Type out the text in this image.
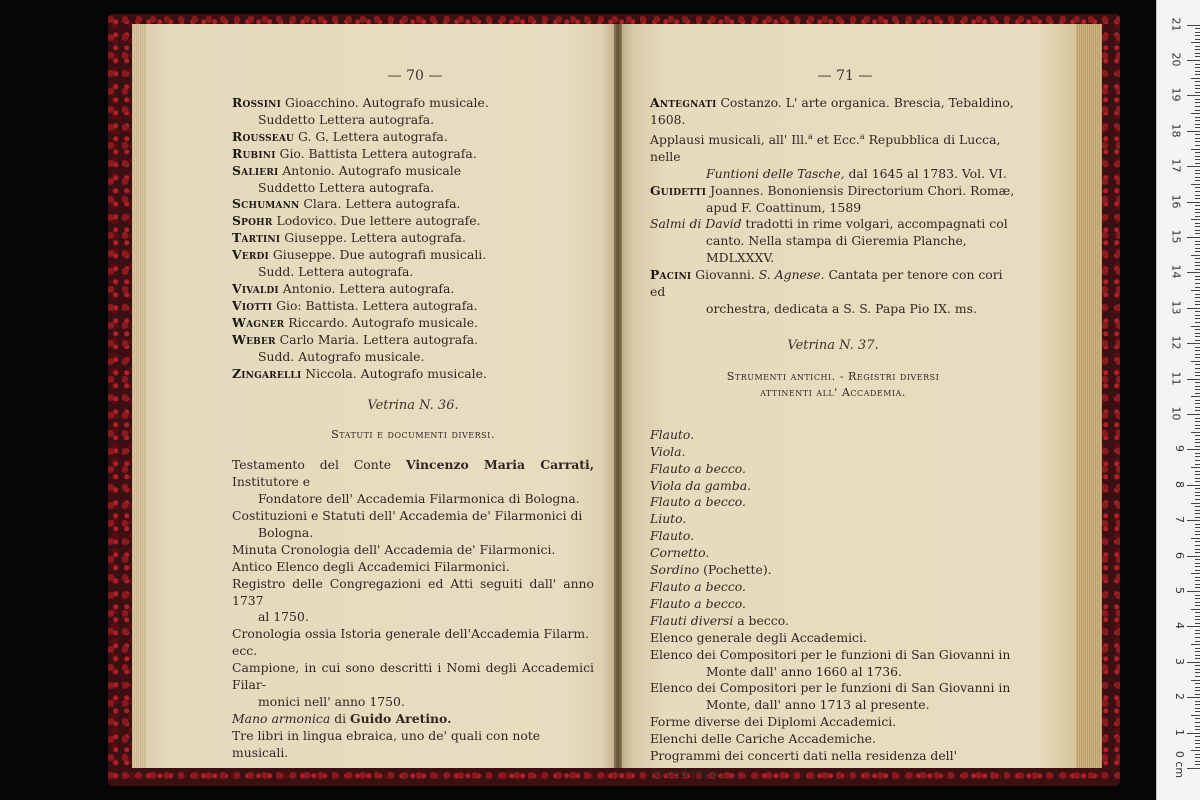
— 70 —
Rossini Gioacchino. Autografo musicale.
Suddetto Lettera autografa.
Rousseau G. G. Lettera autografa.
Rubini Gio. Battista Lettera autografa.
Salieri Antonio. Autografo musicale
Suddetto Lettera autografa.
Schumann Clara. Lettera autografa.
Spohr Lodovico. Due lettere autografe.
Tartini Giuseppe. Lettera autografa.
Verdi Giuseppe. Due autografi musicali.
Sudd. Lettera autografa.
Vivaldi Antonio. Lettera autografa.
Viotti Gio: Battista. Lettera autografa.
Wagner Riccardo. Autografo musicale.
Weber Carlo Maria. Lettera autografa.
Sudd. Autografo musicale.
Zingarelli Niccola. Autografo musicale.
Vetrina N. 36.
Statuti e documenti diversi.
Testamento del Conte Vincenzo Maria Carrati, Institutore e
Fondatore dell' Accademia Filarmonica di Bologna.
Costituzioni e Statuti dell' Accademia de' Filarmonici di
Bologna.
Minuta Cronologia dell' Accademia de' Filarmonici.
Antico Elenco degli Accademici Filarmonici.
Registro delle Congregazioni ed Atti seguiti dall' anno 1737
al 1750.
Cronologia ossia Istoria generale dell'Accademia Filarm. ecc.
Campione, in cui sono descritti i Nomi degli Accademici Filar-
monici nell' anno 1750.
Mano armonica di Guido Aretino.
Tre libri in lingua ebraica, uno de' quali con note musicali.
— 71 —
Antegnati Costanzo. L' arte organica. Brescia, Tebaldino, 1608.
Applausi musicali, all' Ill.$^a$ et Ecc.$^a$ Repubblica di Lucca, nelle
Funtioni delle Tasche, dal 1645 al 1783. Vol. VI.
Guidetti Joannes. Bononiensis Directorium Chori. Romæ,
apud F. Coattinum, 1589
Salmi di David tradotti in rime volgari, accompagnati col
canto. Nella stampa di Gieremia Planche, MDLXXXV.
Pacini Giovanni. S. Agnese. Cantata per tenore con cori ed
orchestra, dedicata a S. S. Papa Pio IX. ms.
Vetrina N. 37.
Strumenti antichi. - Registri diversi
attinenti all' Accademia.
Flauto.
Viola.
Flauto a becco.
Viola da gamba.
Flauto a becco.
Liuto.
Flauto.
Cornetto.
Sordino (Pochette).
Flauto a becco.
Flauto a becco.
Flauti diversi a becco.
Elenco generale degli Accademici.
Elenco dei Compositori per le funzioni di San Giovanni in
Monte dall' anno 1660 al 1736.
Elenco dei Compositori per le funzioni di San Giovanni in
Monte, dall' anno 1713 al presente.
Forme diverse dei Diplomi Accademici.
Elenchi delle Cariche Accademiche.
Programmi dei concerti dati nella residenza dell' Accademia.	0 cm
1
2
3
4
5
6
7
8
9
10
11
12
13
14
15
16
17
18
19
20
21
